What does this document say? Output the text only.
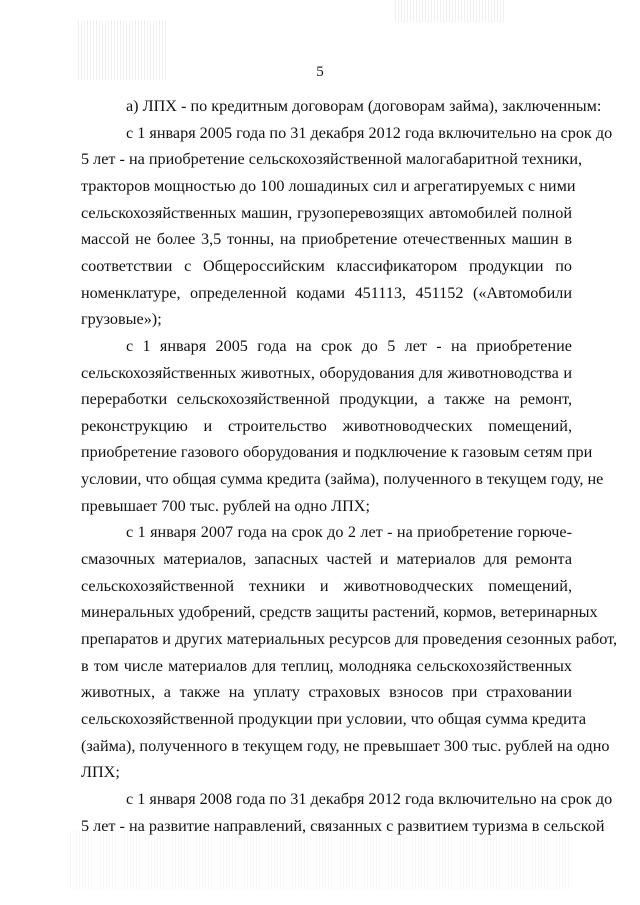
5
а) ЛПХ - по кредитным договорам (договорам займа), заключенным:
с 1 января 2005 года по 31 декабря 2012 года включительно на срок до
5 лет - на приобретение сельскохозяйственной малогабаритной техники,
тракторов мощностью до 100 лошадиных сил и агрегатируемых с ними
сельскохозяйственных машин, грузоперевозящих автомобилей полной
массой не более 3,5 тонны, на приобретение отечественных машин в
соответствии с Общероссийским классификатором продукции по
номенклатуре, определенной кодами 451113, 451152 («Автомобили
грузовые»);
с 1 января 2005 года на срок до 5 лет - на приобретение
сельскохозяйственных животных, оборудования для животноводства и
переработки сельскохозяйственной продукции, а также на ремонт,
реконструкцию и строительство животноводческих помещений,
приобретение газового оборудования и подключение к газовым сетям при
условии, что общая сумма кредита (займа), полученного в текущем году, не
превышает 700 тыс. рублей на одно ЛПХ;
с 1 января 2007 года на срок до 2 лет - на приобретение горюче-
смазочных материалов, запасных частей и материалов для ремонта
сельскохозяйственной техники и животноводческих помещений,
минеральных удобрений, средств защиты растений, кормов, ветеринарных
препаратов и других материальных ресурсов для проведения сезонных работ,
в том числе материалов для теплиц, молодняка сельскохозяйственных
животных, а также на уплату страховых взносов при страховании
сельскохозяйственной продукции при условии, что общая сумма кредита
(займа), полученного в текущем году, не превышает 300 тыс. рублей на одно
ЛПХ;
с 1 января 2008 года по 31 декабря 2012 года включительно на срок до
5 лет - на развитие направлений, связанных с развитием туризма в сельской
